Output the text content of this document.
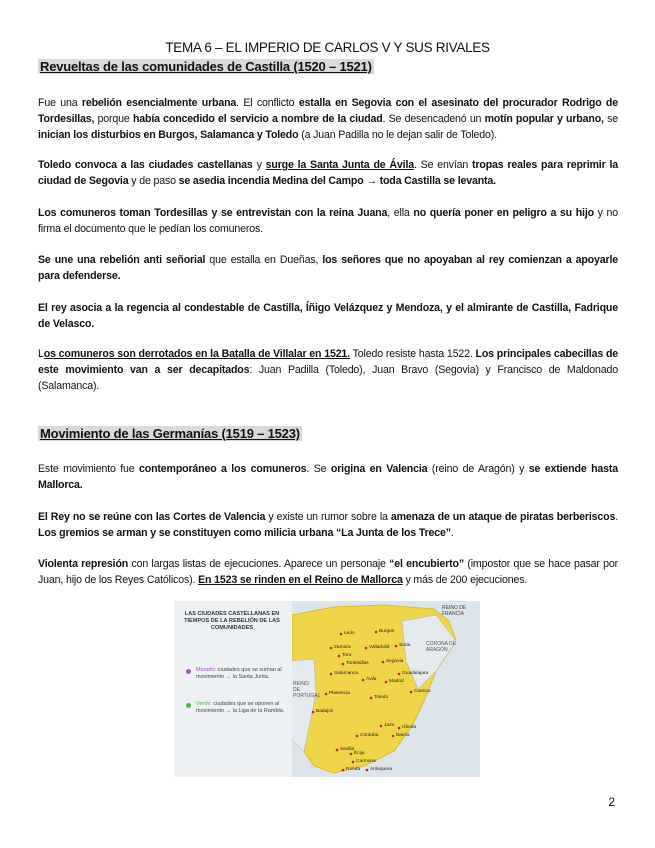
TEMA 6 – EL IMPERIO DE CARLOS V Y SUS RIVALES
Revueltas de las comunidades de Castilla (1520 – 1521)
Fue una rebelión esencialmente urbana. El conflicto estalla en Segovia con el asesinato del procurador Rodrigo de Tordesillas, porque había concedido el servicio a nombre de la ciudad. Se desencadenó un motín popular y urbano, se inician los disturbios en Burgos, Salamanca y Toledo (a Juan Padilla no le dejan salir de Toledo).
Toledo convoca a las ciudades castellanas y surge la Santa Junta de Ávila. Se envían tropas reales para reprimir la ciudad de Segovia y de paso se asedia incendia Medina del Campo → toda Castilla se levanta.
Los comuneros toman Tordesillas y se entrevistan con la reina Juana, ella no quería poner en peligro a su hijo y no firma el documento que le pedían los comuneros.
Se une una rebelión anti señorial que estalla en Dueñas, los señores que no apoyaban al rey comienzan a apoyarle para defenderse.
El rey asocia a la regencia al condestable de Castilla, Íñigo Velázquez y Mendoza, y el almirante de Castilla, Fadrique de Velasco.
Los comuneros son derrotados en la Batalla de Villalar en 1521. Toledo resiste hasta 1522. Los principales cabecillas de este movimiento van a ser decapitados: Juan Padilla (Toledo), Juan Bravo (Segovia) y Francisco de Maldonado (Salamanca).
Movimiento de las Germanías (1519 – 1523)
Este movimiento fue contemporáneo a los comuneros. Se origina en Valencia (reino de Aragón) y se extiende hasta Mallorca.
El Rey no se reúne con las Cortes de Valencia y existe un rumor sobre la amenaza de un ataque de piratas berberiscos. Los gremios se arman y se constituyen como milicia urbana “La Junta de los Trece”.
Violenta represión con largas listas de ejecuciones. Aparece un personaje “el encubierto” (impostor que se hace pasar por Juan, hijo de los Reyes Católicos). En 1523 se rinden en el Reino de Mallorca y más de 200 ejecuciones.
LAS CIUDADES CASTELLANAS EN TIEMPOS DE LA REBELIÓN DE LAS COMUNIDADES
Morado: ciudades que se suman al movimiento → la Santa Junta.
Verde: ciudades que se oponen al movimiento → la Liga de la Rambla.
REINO DE FRANCIA
CORONA DE ARAGÓN
REINO DE PORTUGAL
León	Burgos
Zamora	Valladolid Soria
Toro
Tordesillas	Segovia
Salamanca	Guadalajara
Ávila	Madrid
Cuenca
Plasencia
Toledo
Badajoz
Jaén Úbeda
Baeza
Córdoba
Sevilla
Écija
Carmona
Ronda Antequera
2
